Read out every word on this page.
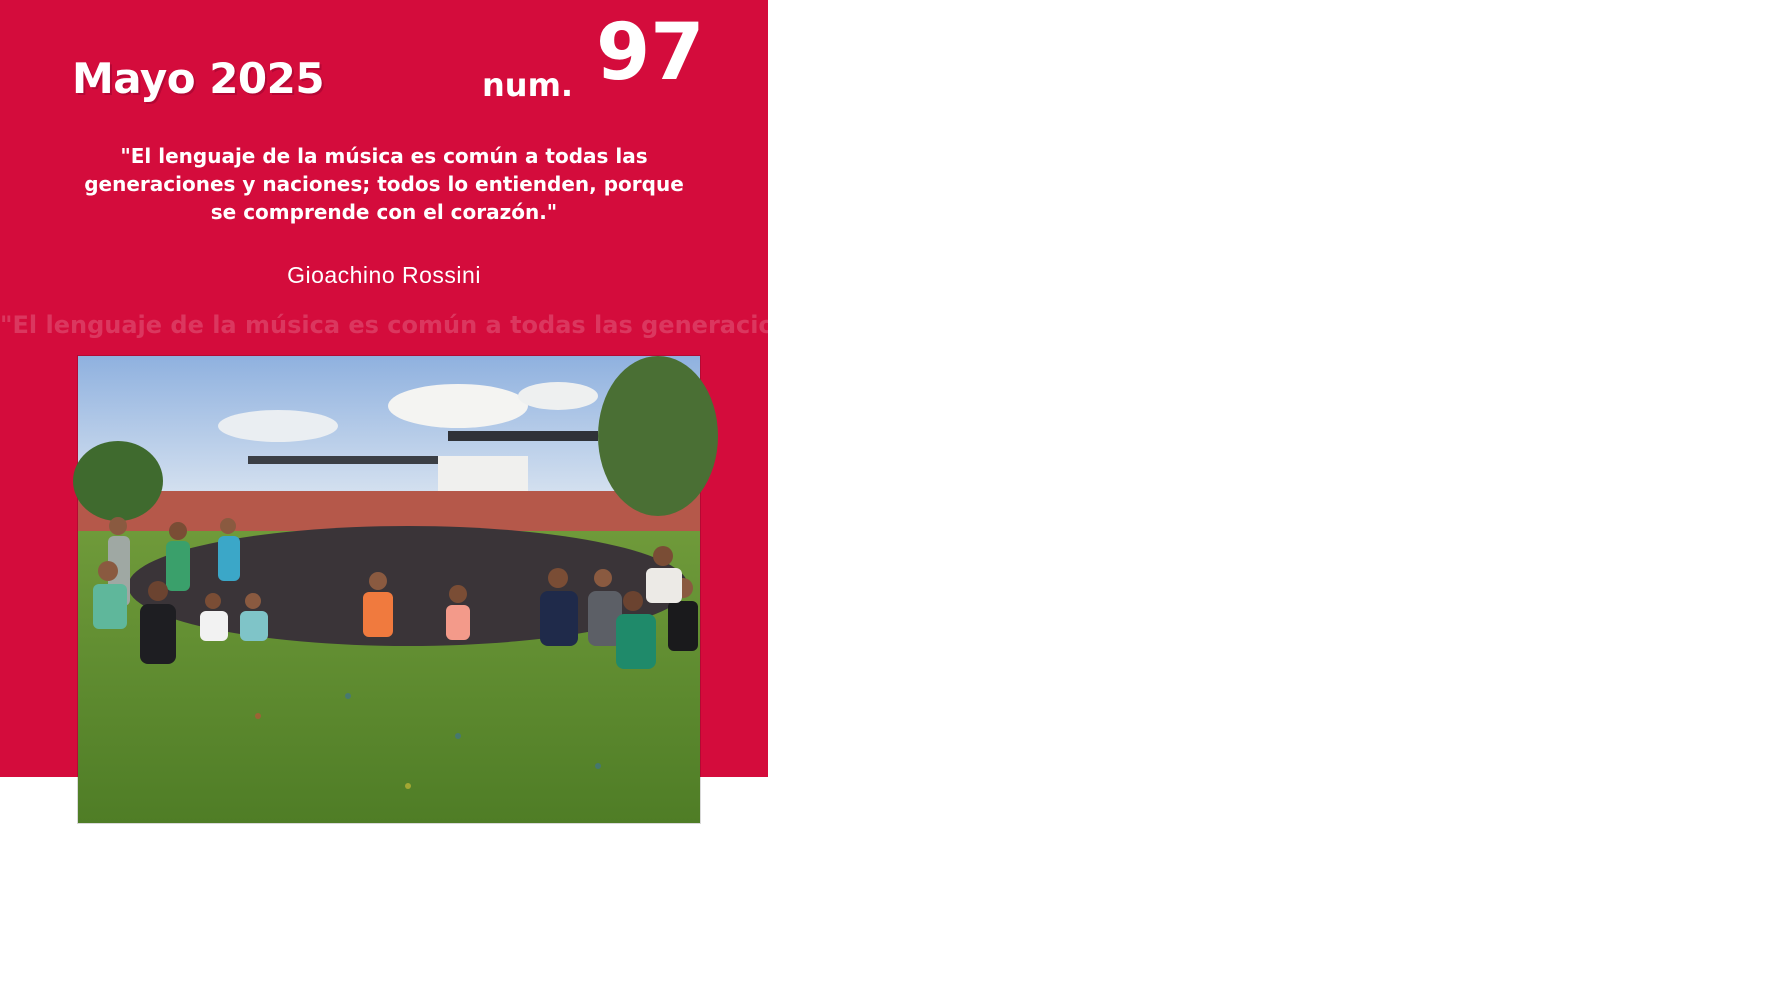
"El lenguaje de la música es común a todas las generaciones y naciones; todos lo entienden, porque se comprende con el corazón."
Mayo 2025	num. 97
"El lenguaje de la música es común a todas las generaciones y naciones; todos lo entienden, porque se comprende con el corazón."
Gioachino Rossini
